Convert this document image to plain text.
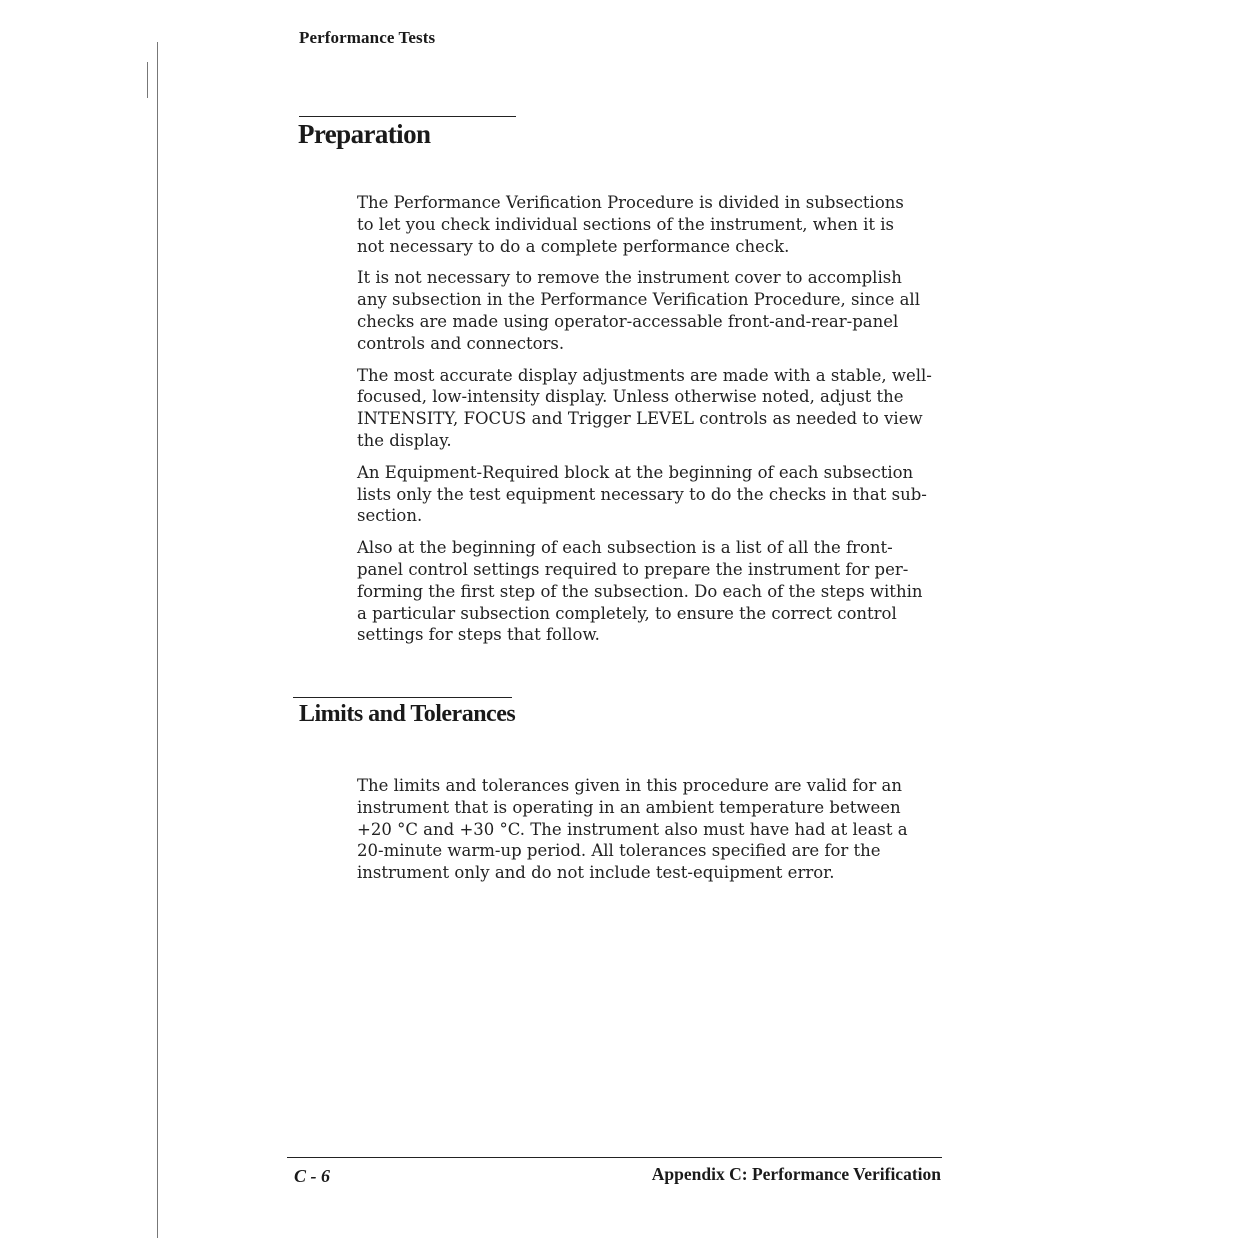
Performance Tests
Preparation

The Performance Verification Procedure is divided in subsections
to let you check individual sections of the instrument, when it is
not necessary to do a complete performance check.

It is not necessary to remove the instrument cover to accomplish
any subsection in the Performance Verification Procedure, since all
checks are made using operator-accessable front-and-rear-panel
controls and connectors.

The most accurate display adjustments are made with a stable, well-
focused, low-intensity display. Unless otherwise noted, adjust the
INTENSITY, FOCUS and Trigger LEVEL controls as needed to view
the display.

An Equipment-Required block at the beginning of each subsection
lists only the test equipment necessary to do the checks in that sub-
section.

Also at the beginning of each subsection is a list of all the front-
panel control settings required to prepare the instrument for per-
forming the first step of the subsection. Do each of the steps within
a particular subsection completely, to ensure the correct control
settings for steps that follow.

Limits and Tolerances

The limits and tolerances given in this procedure are valid for an
instrument that is operating in an ambient temperature between
+20 °C and +30 °C. The instrument also must have had at least a
20-minute warm-up period. All tolerances specified are for the
instrument only and do not include test-equipment error.

C - 6	Appendix C: Performance Verification
